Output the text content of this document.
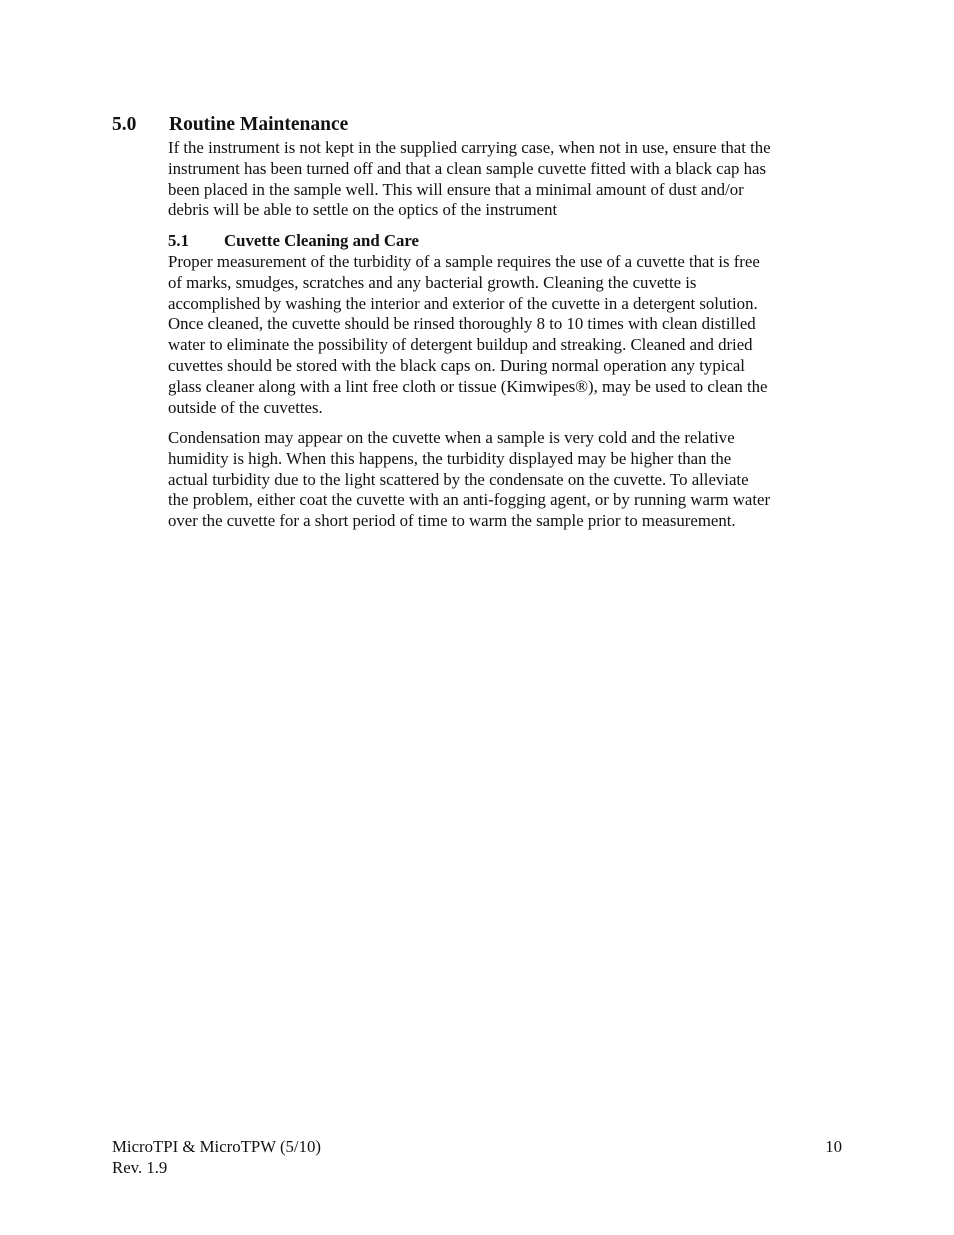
5.0 Routine Maintenance

If the instrument is not kept in the supplied carrying case, when not in use, ensure that the

instrument has been turned off and that a clean sample cuvette fitted with a black cap has

been placed in the sample well. This will ensure that a minimal amount of dust and/or

debris will be able to settle on the optics of the instrument

5.1 Cuvette Cleaning and Care

Proper measurement of the turbidity of a sample requires the use of a cuvette that is free

of marks, smudges, scratches and any bacterial growth. Cleaning the cuvette is

accomplished by washing the interior and exterior of the cuvette in a detergent solution.

Once cleaned, the cuvette should be rinsed thoroughly 8 to 10 times with clean distilled

water to eliminate the possibility of detergent buildup and streaking. Cleaned and dried

cuvettes should be stored with the black caps on. During normal operation any typical

glass cleaner along with a lint free cloth or tissue (Kimwipes®), may be used to clean the

outside of the cuvettes.

Condensation may appear on the cuvette when a sample is very cold and the relative

humidity is high. When this happens, the turbidity displayed may be higher than the

actual turbidity due to the light scattered by the condensate on the cuvette. To alleviate

the problem, either coat the cuvette with an anti-fogging agent, or by running warm water

over the cuvette for a short period of time to warm the sample prior to measurement.

MicroTPI & MicroTPW (5/10)
Rev. 1.9
10
